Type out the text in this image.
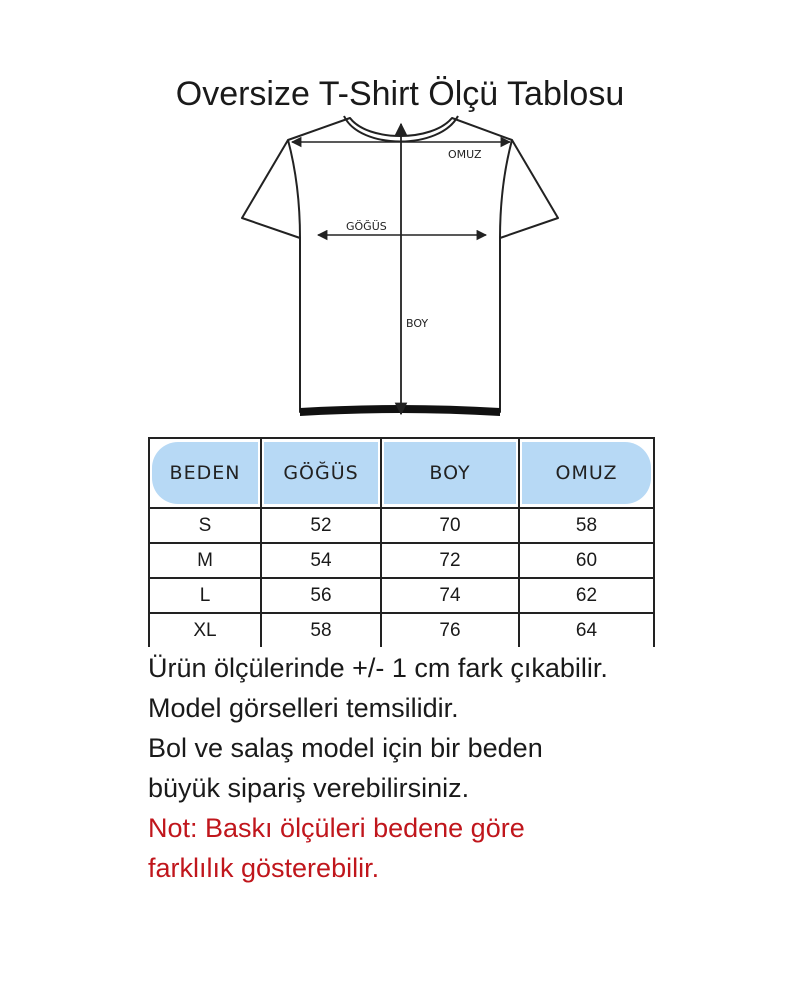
Oversize T-Shirt Ölçü Tablosu
OMUZ
GÖĞÜS
BOY
BEDEN	GÖĞÜS	BOY	OMUZ

S	52	70	58
M	54	72	60
L	56	74	62
XL	58	76	64
Ürün ölçülerinde +/- 1 cm fark çıkabilir.
Model görselleri temsilidir.
Bol ve salaş model için bir beden
büyük sipariş verebilirsiniz.
Not: Baskı ölçüleri bedene göre
farklılık gösterebilir.
